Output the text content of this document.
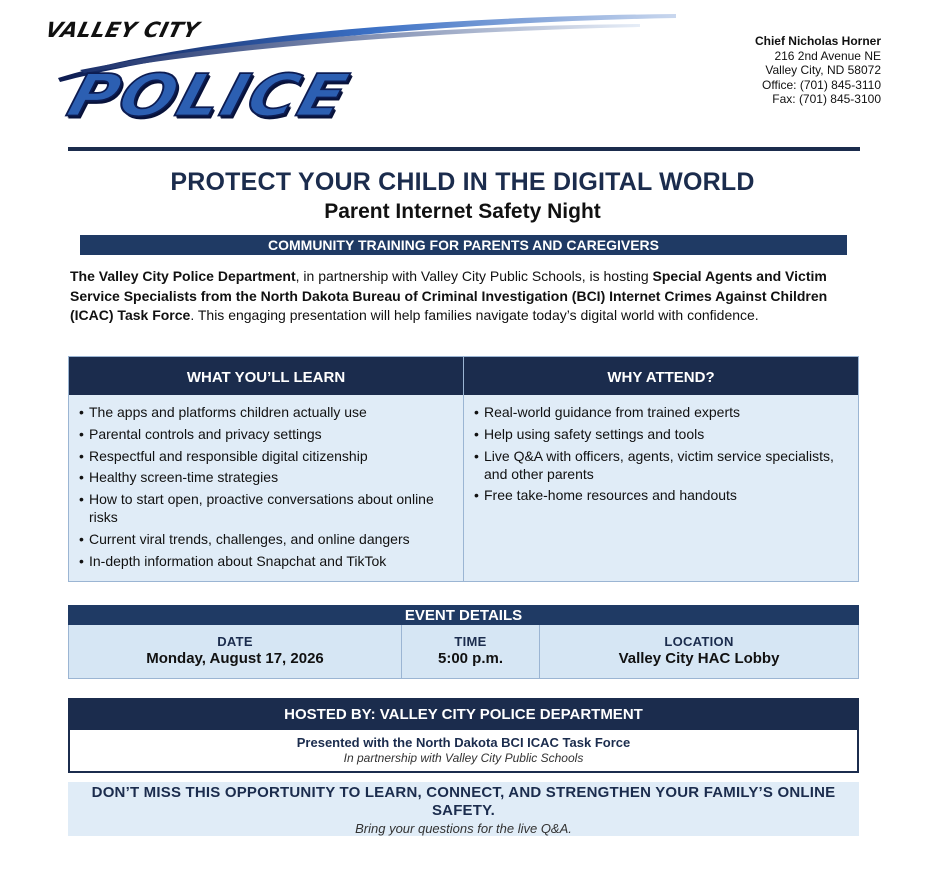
VALLEY CITY
POLICE
Chief Nicholas Horner
216 2nd Avenue NE
Valley City, ND 58072
Office: (701) 845-3110
Fax: (701) 845-3100
PROTECT YOUR CHILD IN THE DIGITAL WORLD
Parent Internet Safety Night
COMMUNITY TRAINING FOR PARENTS AND CAREGIVERS

The Valley City Police Department, in partnership with Valley City Public Schools, is hosting Special Agents and Victim Service Specialists from the North Dakota Bureau of Criminal Investigation (BCI) Internet Crimes Against Children (ICAC) Task Force. This engaging presentation will help families navigate today’s digital world with confidence.

WHAT YOU’LL LEARN
• The apps and platforms children actually use
• Parental controls and privacy settings
• Respectful and responsible digital citizenship
• Healthy screen-time strategies
• How to start open, proactive conversations about online risks
• Current viral trends, challenges, and online dangers
• In-depth information about Snapchat and TikTok
WHY ATTEND?
• Real-world guidance from trained experts
• Help using safety settings and tools
• Live Q&A with officers, agents, victim service specialists, and other parents
• Free take-home resources and handouts
EVENT DETAILS
DATE
Monday, August 17, 2026
TIME
5:00 p.m.
LOCATION
Valley City HAC Lobby
HOSTED BY: VALLEY CITY POLICE DEPARTMENT
Presented with the North Dakota BCI ICAC Task Force
In partnership with Valley City Public Schools
DON’T MISS THIS OPPORTUNITY TO LEARN, CONNECT, AND STRENGTHEN YOUR FAMILY’S ONLINE SAFETY.
Bring your questions for the live Q&A.
